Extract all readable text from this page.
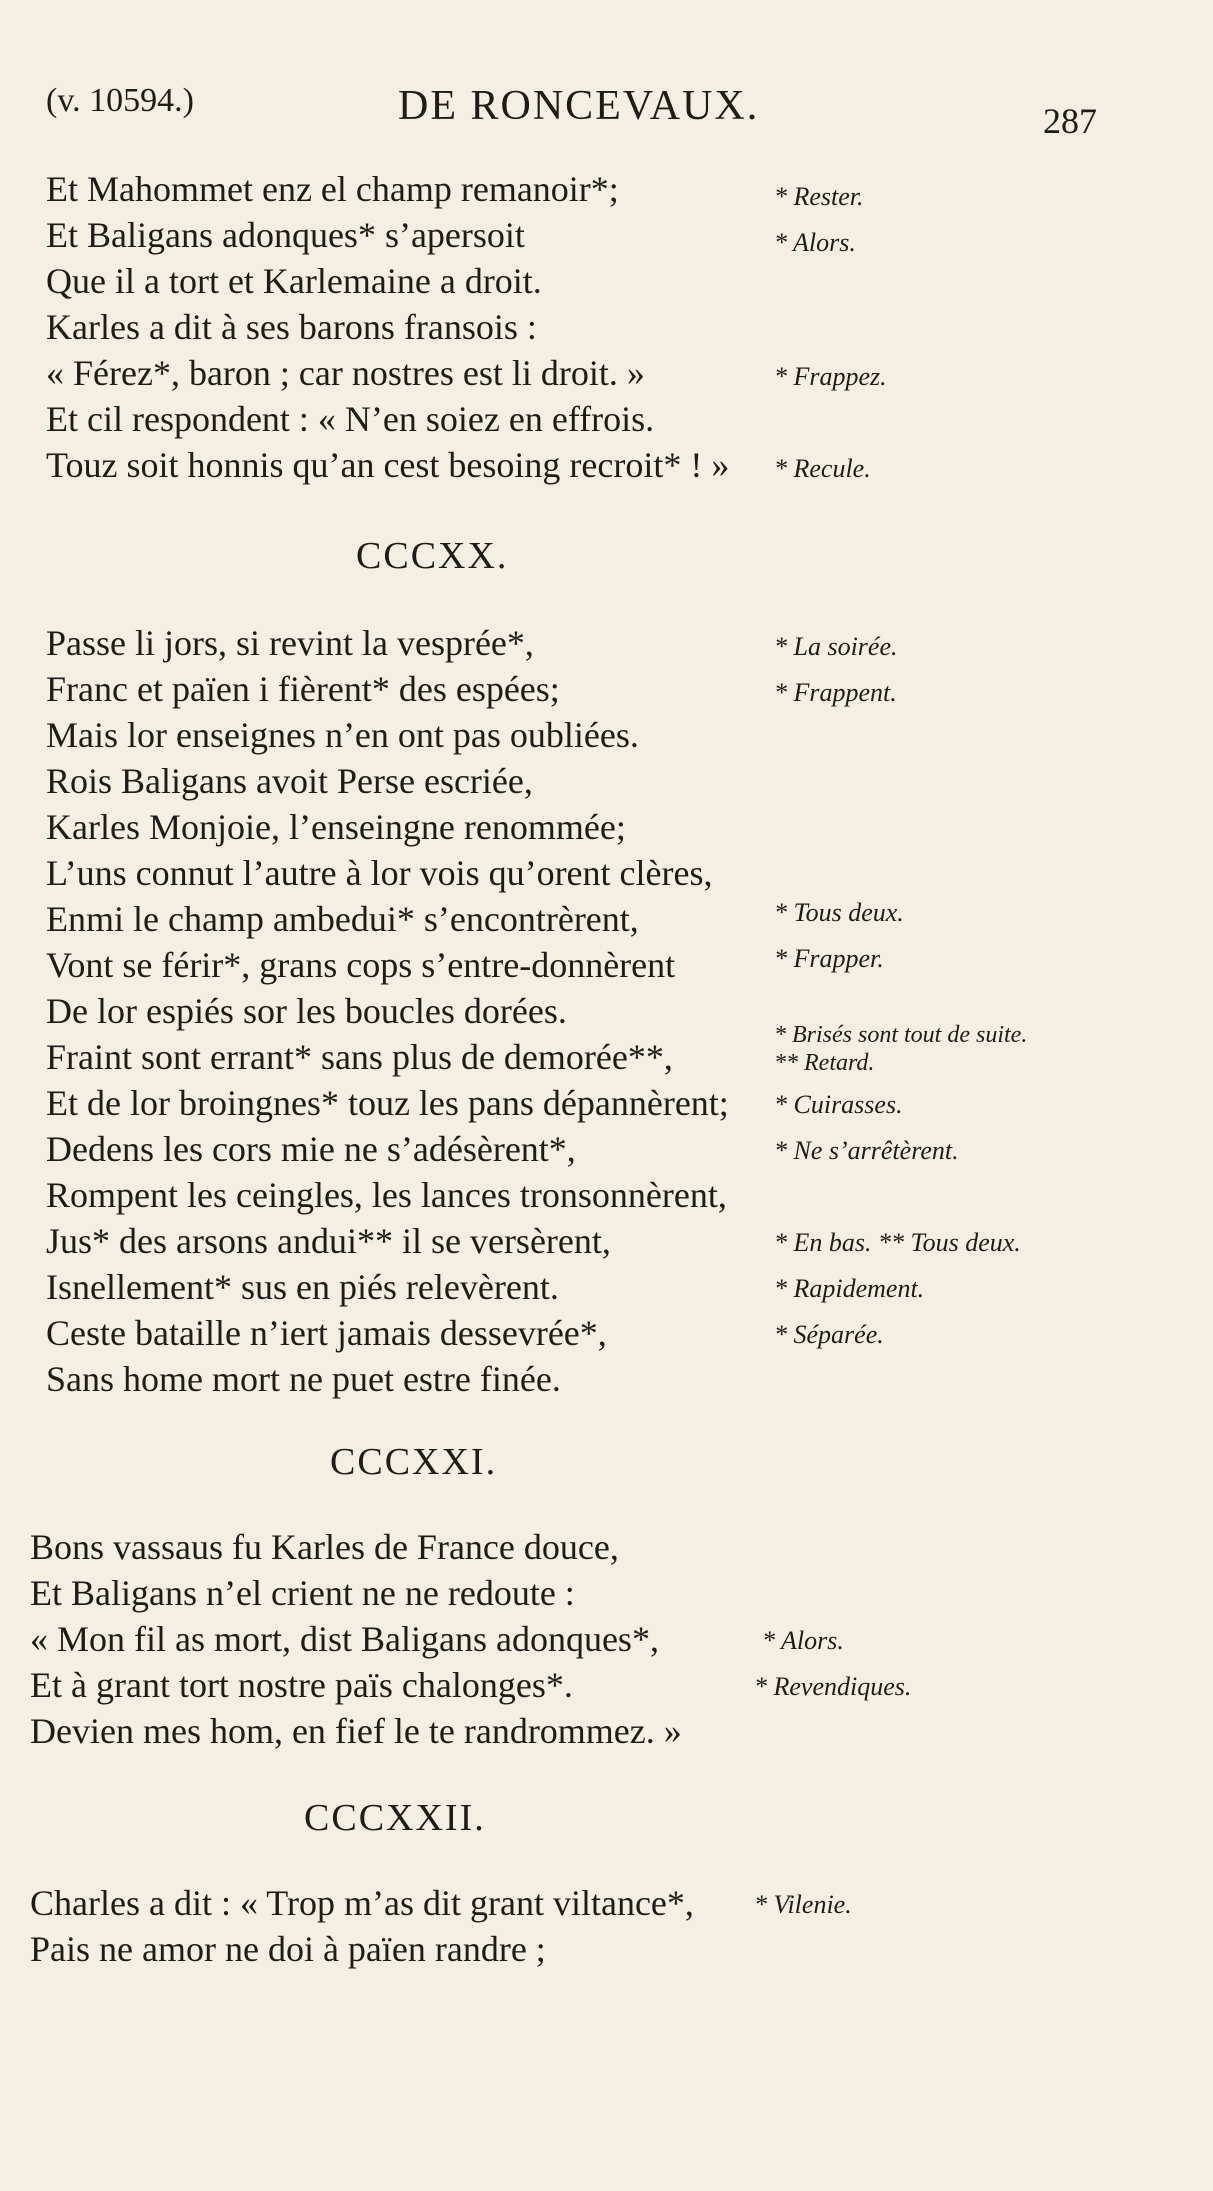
(v. 10594.)	DE RONCEVAUX.	287
Et Mahommet enz el champ remanoir*;
Et Baligans adonques* s’apersoit
Que il a tort et Karlemaine a droit.
Karles a dit à ses barons fransois :
« Férez*, baron ; car nostres est li droit. »
Et cil respondent : « N’en soiez en effrois.
Touz soit honnis qu’an cest besoing recroit* ! »
* Rester.
* Alors.
* Frappez.
* Recule.
CCCXX.
Passe li jors, si revint la vesprée*,
Franc et païen i fièrent* des espées;
Mais lor enseignes n’en ont pas oubliées.
Rois Baligans avoit Perse escriée,
Karles Monjoie, l’enseingne renommée;
L’uns connut l’autre à lor vois qu’orent clères,
Enmi le champ ambedui* s’encontrèrent,
Vont se férir*, grans cops s’entre-donnèrent
De lor espiés sor les boucles dorées.
Fraint sont errant* sans plus de demorée**,
Et de lor broingnes* touz les pans dépannèrent;
Dedens les cors mie ne s’adésèrent*,
Rompent les ceingles, les lances tronsonnèrent,
Jus* des arsons andui** il se versèrent,
Isnellement* sus en piés relevèrent.
Ceste bataille n’iert jamais dessevrée*,
Sans home mort ne puet estre finée.
* La soirée.
* Frappent.
* Tous deux.
* Frapper.
* Brisés sont tout de suite.
** Retard.
* Cuirasses.
* Ne s’arrêtèrent.
* En bas. ** Tous deux.
* Rapidement.
* Séparée.
CCCXXI.
Bons vassaus fu Karles de France douce,
Et Baligans n’el crient ne ne redoute :
« Mon fil as mort, dist Baligans adonques*,
Et à grant tort nostre païs chalonges*.
Devien mes hom, en fief le te randrommez. »
* Alors.
* Revendiques.
CCCXXII.
Charles a dit : « Trop m’as dit grant viltance*,
Pais ne amor ne doi à païen randre ;
* Vilenie.
